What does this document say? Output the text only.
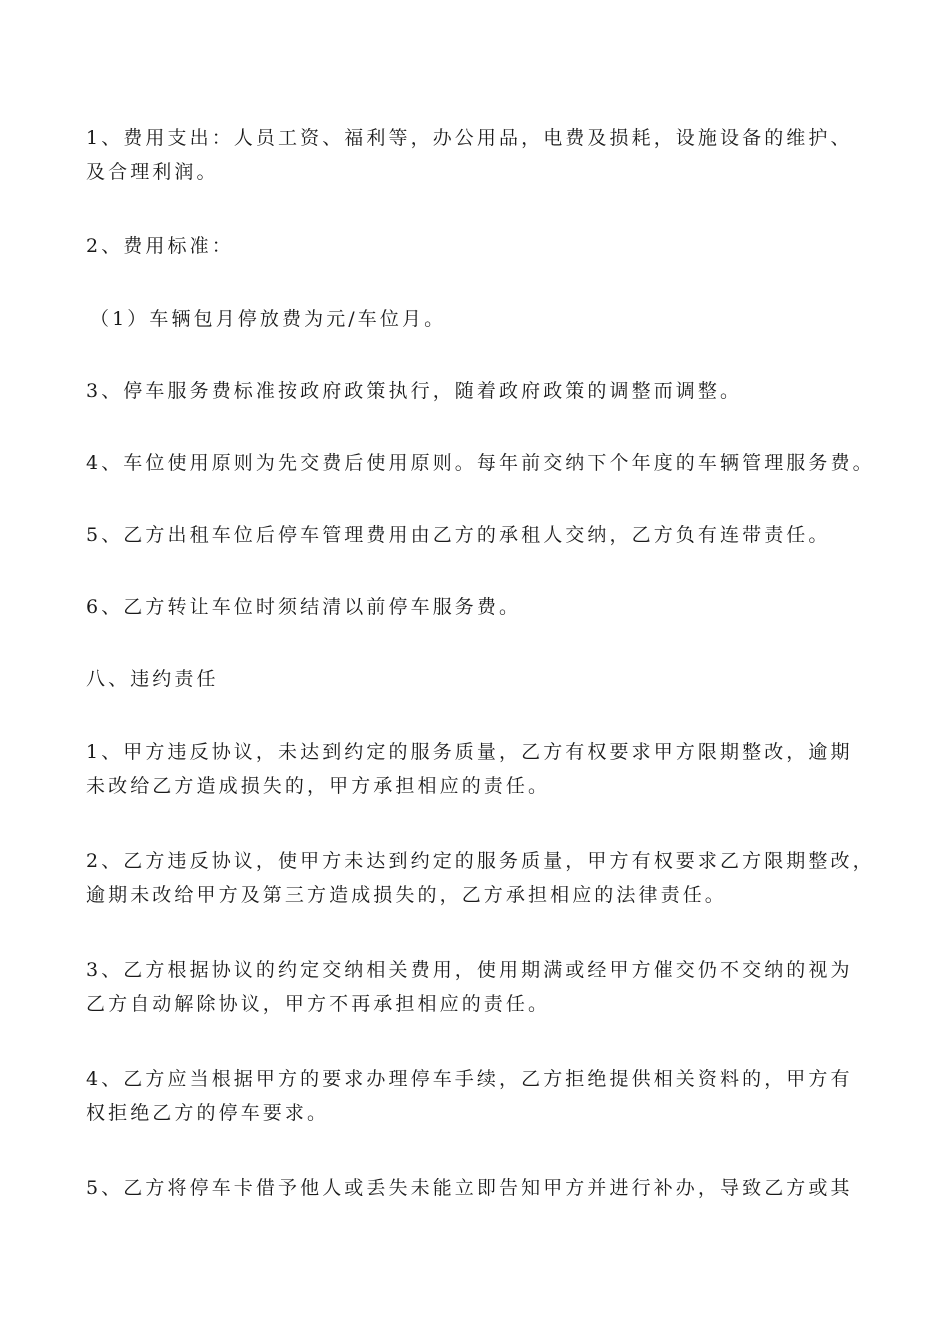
1、费用支出：人员工资、福利等，办公用品，电费及损耗，设施设备的维护、
及合理利润。

2、费用标准：

（1）车辆包月停放费为元/车位月。

3、停车服务费标准按政府政策执行，随着政府政策的调整而调整。

4、车位使用原则为先交费后使用原则。每年前交纳下个年度的车辆管理服务费。

5、乙方出租车位后停车管理费用由乙方的承租人交纳，乙方负有连带责任。

6、乙方转让车位时须结清以前停车服务费。

八、违约责任

1、甲方违反协议，未达到约定的服务质量，乙方有权要求甲方限期整改，逾期
未改给乙方造成损失的，甲方承担相应的责任。

2、乙方违反协议，使甲方未达到约定的服务质量，甲方有权要求乙方限期整改，
逾期未改给甲方及第三方造成损失的，乙方承担相应的法律责任。

3、乙方根据协议的约定交纳相关费用，使用期满或经甲方催交仍不交纳的视为
乙方自动解除协议，甲方不再承担相应的责任。

4、乙方应当根据甲方的要求办理停车手续，乙方拒绝提供相关资料的，甲方有
权拒绝乙方的停车要求。

5、乙方将停车卡借予他人或丢失未能立即告知甲方并进行补办，导致乙方或其
